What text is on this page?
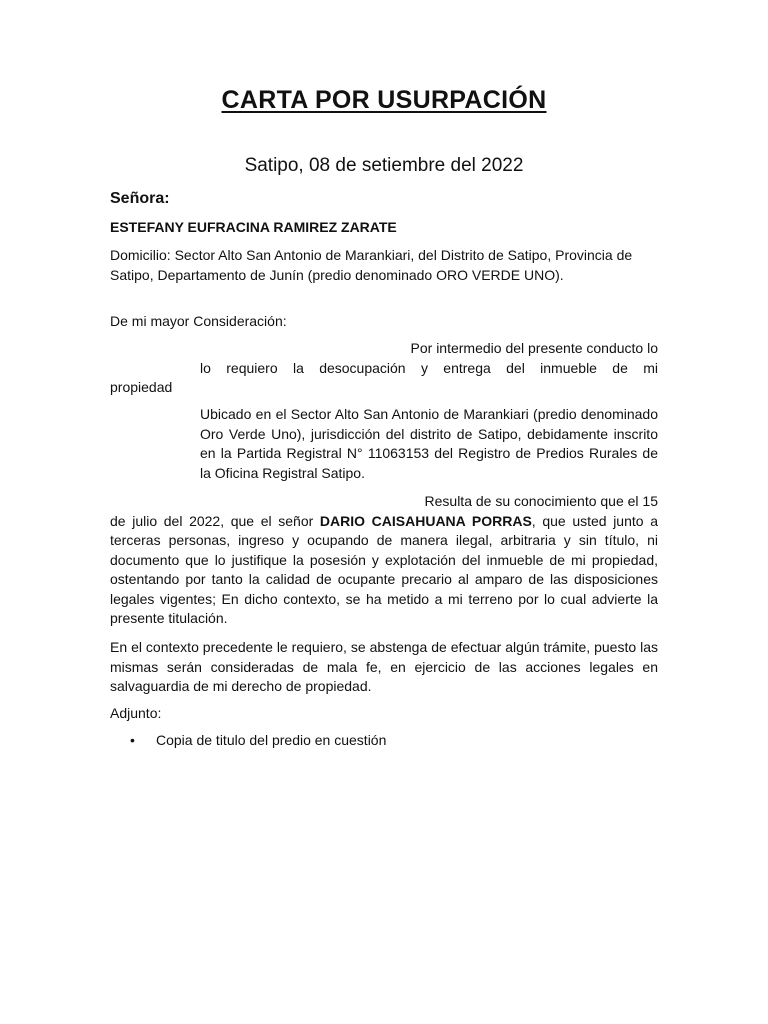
CARTA POR USURPACIÓN
Satipo, 08 de setiembre del 2022
Señora:
ESTEFANY EUFRACINA RAMIREZ ZARATE
Domicilio: Sector Alto San Antonio de Marankiari, del Distrito de Satipo, Provincia de Satipo, Departamento de Junín (predio denominado ORO VERDE UNO).
De mi mayor Consideración:
Por intermedio del presente conducto lo
lo requiero la desocupación y entrega del inmueble de mi
propiedad
Ubicado en el Sector Alto San Antonio de Marankiari (predio denominado Oro Verde Uno), jurisdicción del distrito de Satipo, debidamente inscrito en la Partida Registral N° 11063153 del Registro de Predios Rurales de la Oficina Registral Satipo.
Resulta de su conocimiento que el 15
de julio del 2022, que el señor DARIO CAISAHUANA PORRAS, que usted junto a terceras personas, ingreso y ocupando de manera ilegal, arbitraria y sin título, ni documento que lo justifique la posesión y explotación del inmueble de mi propiedad, ostentando por tanto la calidad de ocupante precario al amparo de las disposiciones legales vigentes; En dicho contexto, se ha metido a mi terreno por lo cual advierte la presente titulación.
En el contexto precedente le requiero, se abstenga de efectuar algún trámite, puesto las mismas serán consideradas de mala fe, en ejercicio de las acciones legales en salvaguardia de mi derecho de propiedad.
Adjunto:
• Copia de titulo del predio en cuestión
